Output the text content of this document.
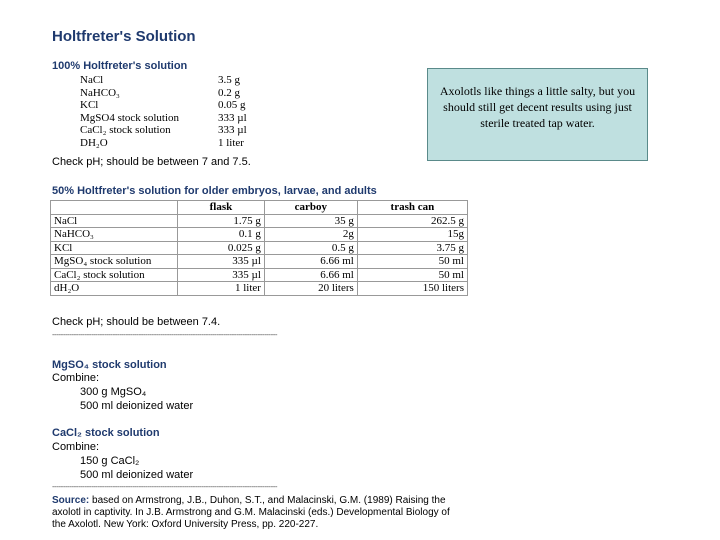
Holtfreter's Solution
100% Holtfreter's solution
NaCl	3.5 g
NaHCO₃	0.2 g
KCl	0.05 g
MgSO4 stock solution	333 µl
CaCl₂ stock solution	333 µl
DH₂O	1 liter
Check pH; should be between 7 and 7.5.
Axolotls like things a little salty, but you should still get decent results using just sterile treated tap water.
50% Holtfreter's solution for older embryos, larvae, and adults
	flask	carboy	trash can
NaCl	1.75 g	35 g	262.5 g
NaHCO₃	0.1 g	2g	15g
KCl	0.025 g	0.5 g	3.75 g
MgSO₄ stock solution	335 µl	6.66 ml	50 ml
CaCl₂ stock solution	335 µl	6.66 ml	50 ml
dH₂O	1 liter	20 liters	150 liters
Check pH; should be between 7.4.
--------------------------------------------------------------------------------------------------------
MgSO₄ stock solution
Combine:
300 g MgSO₄
500 ml deionized water
CaCl₂ stock solution
Combine:
150 g CaCl₂
500 ml deionized water
--------------------------------------------------------------------------------------------------------
Source: based on Armstrong, J.B., Duhon, S.T., and Malacinski, G.M. (1989) Raising the axolotl in captivity. In J.B. Armstrong and G.M. Malacinski (eds.) Developmental Biology of the Axolotl. New York: Oxford University Press, pp. 220-227.
